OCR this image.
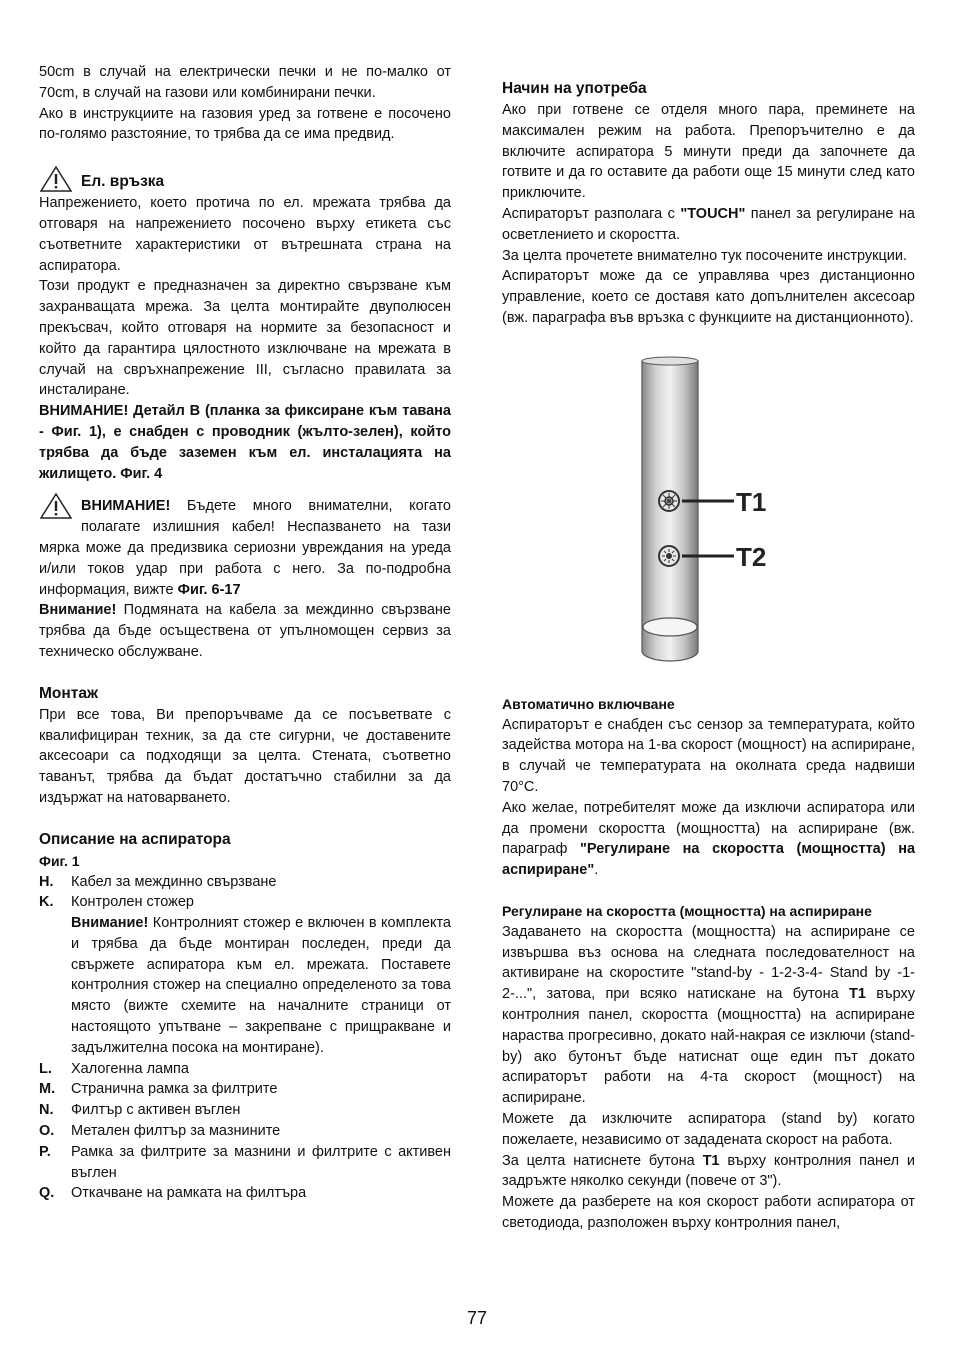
50cm в случай на електрически печки и не по-малко от 70cm, в случай на газови или комбинирани печки.

Ако в инструкциите на газовия уред за готвене е посочено по-голямо разстояние, то трябва да се има предвид.

Ел. връзка

Напрежението, което протича по ел. мрежата трябва да отговаря на напрежението посочено върху етикета със съответните характеристики от вътрешната страна на аспиратора.

Този продукт е предназначен за директно свързване към захранващата мрежа. За целта монтирайте двуполюсен прекъсвач, който отговаря на нормите за безопасност и който да гарантира цялостното изключване на мрежата в случай на свръхнапрежение III, съгласно правилата за инсталиране.

ВНИМАНИЕ! Детайл B (планка за фиксиране към тавана - Фиг. 1), е снабден с проводник (жълто-зелен), който трябва да бъде заземен към ел. инсталацията на жилището. Фиг. 4

ВНИМАНИЕ! Бъдете много внимателни, когато полагате излишния кабел! Неспазването на тази мярка може да предизвика сериозни увреждания на уреда и/или токов удар при работа с него. За по-подробна информация, вижте Фиг. 6-17

Внимание! Подмяната на кабела за междинно свързване трябва да бъде осъществена от упълномощен сервиз за техническо обслужване.

Монтаж

При все това, Ви препоръчваме да се посъветвате с квалифициран техник, за да сте сигурни, че доставените аксесоари са подходящи за целта. Стената, съответно таванът, трябва да бъдат достатъчно стабилни за да издържат на натоварването.

Описание на аспиратора

Фиг. 1

H.	Кабел за междинно свързване
K.	Контролен стожер
Внимание! Контролният стожер е включен в комплекта и трябва да бъде монтиран последен, преди да свържете аспиратора към ел. мрежата. Поставете контролния стожер на специално определеното за това място (вижте схемите на началните страници от настоящото упътване – закрепване с прищракване и задължителна посока на монтиране).
L.	Халогенна лампа
M.	Странична рамка за филтрите
N.	Филтър с активен въглен
O.	Метален филтър за мазнините
P.	Рамка за филтрите за мазнини и филтрите с активен въглен
Q.	Откачване на рамката на филтъра
Начин на употреба

Ако при готвене се отделя много пара, преминете на максимален режим на работа. Препоръчително е да включите аспиратора 5 минути преди да започнете да готвите и да го оставите да работи още 15 минути след като приключите.

Аспираторът разполага с "TOUCH" панел за регулиране на осветлението и скоростта.

За целта прочетете внимателно тук посочените инструкции.

Аспираторът може да се управлява чрез дистанционно управление, което се доставя като допълнителен аксесоар (вж. параграфа във връзка с функциите на дистанционното).

T1
T2

Автоматично включване

Аспираторът е снабден със сензор за температурата, който задейства мотора на 1-ва скорост (мощност) на аспириране, в случай че температурата на околната среда надвиши 70°C.

Ако желае, потребителят може да изключи аспиратора или да промени скоростта (мощността) на аспириране (вж. параграф "Регулиране на скоростта (мощността) на аспириране".

Регулиране на скоростта (мощността) на аспириране

Задаването на скоростта (мощността) на аспириране се извършва въз основа на следната последователност на активиране на скоростите "stand-by - 1-2-3-4- Stand by -1-2-...", затова, при всяко натискане на бутона T1 върху контролния панел, скоростта (мощността) на аспириране нараства прогресивно, докато най-накрая се изключи (stand-by) ако бутонът бъде натиснат още един път докато аспираторът работи на 4-та скорост (мощност) на аспириране.

Можете да изключите аспиратора (stand by) когато пожелаете, независимо от зададената скорост на работа.

За целта натиснете бутона T1 върху контролния панел и задръжте няколко секунди (повече от 3").

Можете да разберете на коя скорост работи аспиратора от светодиода, разположен върху контролния панел,

77
